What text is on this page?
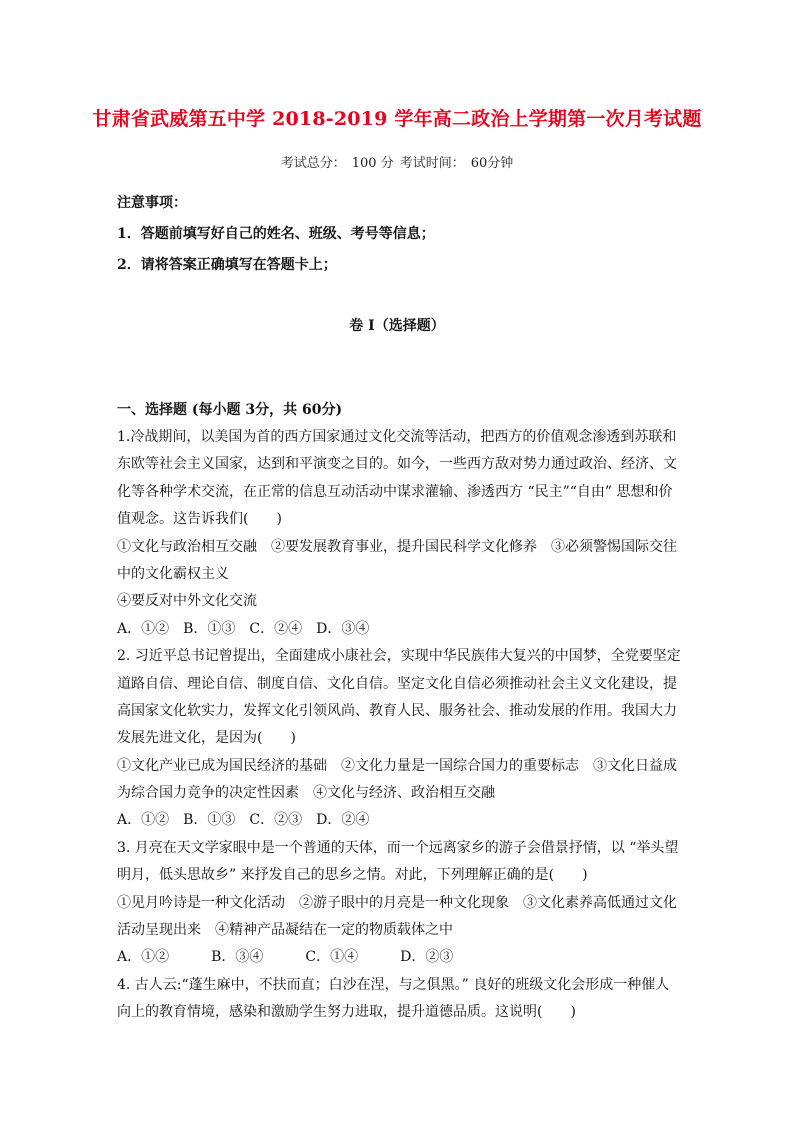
甘肃省武威第五中学 2018-2019 学年高二政治上学期第一次月考试题
考试总分： 100 分 考试时间： 60分钟
注意事项：
1．答题前填写好自己的姓名、班级、考号等信息；
2．请将答案正确填写在答题卡上；
卷 I（选择题）
一、选择题 (每小题 3分，共 60分)
1.冷战期间，以美国为首的西方国家通过文化交流等活动，把西方的价值观念渗透到苏联和
东欧等社会主义国家，达到和平演变之目的。如今，一些西方敌对势力通过政治、经济、文
化等各种学术交流，在正常的信息互动活动中谋求灌输、渗透西方 “民主”“自由” 思想和价
值观念。这告诉我们(　　)
①文化与政治相互交融　②要发展教育事业，提升国民科学文化修养　③必须警惕国际交往
中的文化霸权主义
④要反对中外文化交流
A．①②　B．①③　C．②④　D．③④
2. 习近平总书记曾提出，全面建成小康社会，实现中华民族伟大复兴的中国梦，全党要坚定
道路自信、理论自信、制度自信、文化自信。坚定文化自信必须推动社会主义文化建设，提
高国家文化软实力，发挥文化引领风尚、教育人民、服务社会、推动发展的作用。我国大力
发展先进文化，是因为(　　)
①文化产业已成为国民经济的基础　②文化力量是一国综合国力的重要标志　③文化日益成
为综合国力竞争的决定性因素　④文化与经济、政治相互交融
A．①②　B．①③　C．②③　D．②④
3. 月亮在天文学家眼中是一个普通的天体，而一个远离家乡的游子会借景抒情，以 “举头望
明月，低头思故乡” 来抒发自己的思乡之情。对此，下列理解正确的是(　　)
①见月吟诗是一种文化活动　②游子眼中的月亮是一种文化现象　③文化素养高低通过文化
活动呈现出来　④精神产品凝结在一定的物质载体之中
A．①②　　　B．③④　　　C．①④　　　D．②③
4. 古人云:“蓬生麻中，不扶而直；白沙在涅，与之俱黑。” 良好的班级文化会形成一种催人
向上的教育情境，感染和激励学生努力进取，提升道德品质。这说明(　　)
